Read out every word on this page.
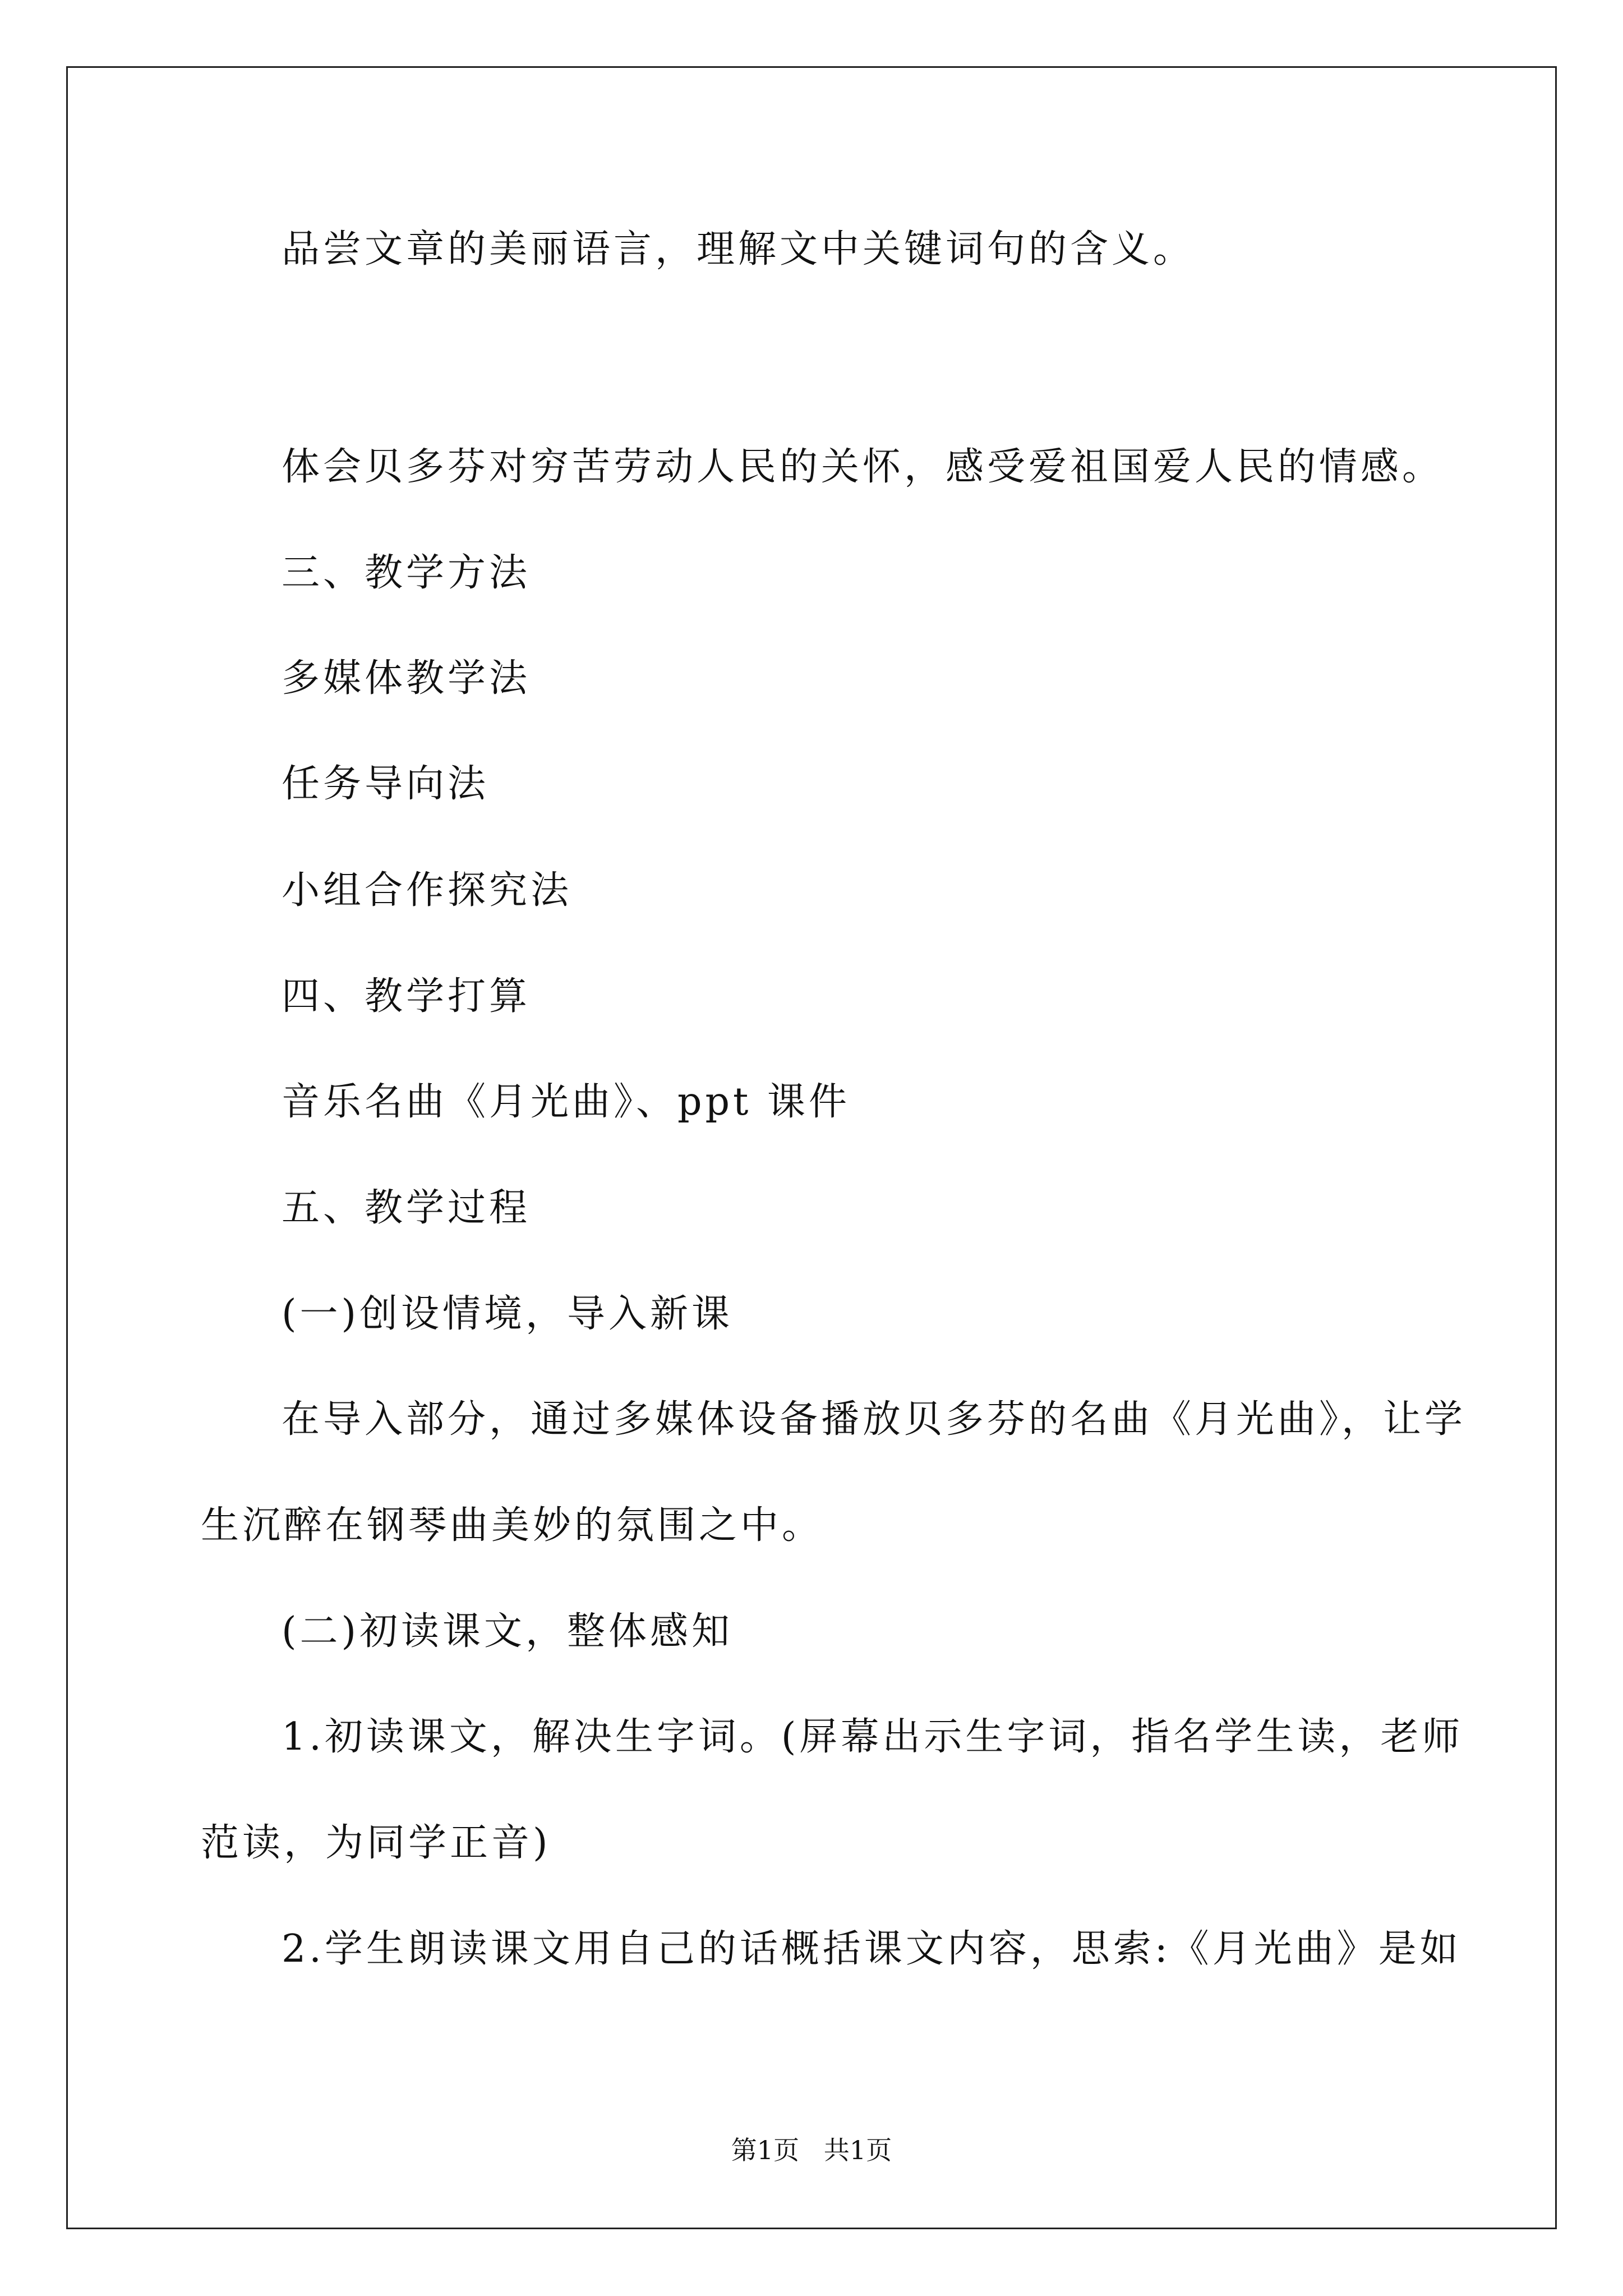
品尝文章的美丽语言，理解文中关键词句的含义。
体会贝多芬对穷苦劳动人民的关怀，感受爱祖国爱人民的情感。
三、教学方法
多媒体教学法
任务导向法
小组合作探究法
四、教学打算
音乐名曲《月光曲》、ppt 课件
五、教学过程
(一)创设情境，导入新课
在导入部分，通过多媒体设备播放贝多芬的名曲《月光曲》，让学
生沉醉在钢琴曲美妙的氛围之中。
(二)初读课文，整体感知
1.初读课文，解决生字词。(屏幕出示生字词，指名学生读，老师
范读，为同学正音)
2.学生朗读课文用自己的话概括课文内容，思索:《月光曲》是如
第1页   共1页
